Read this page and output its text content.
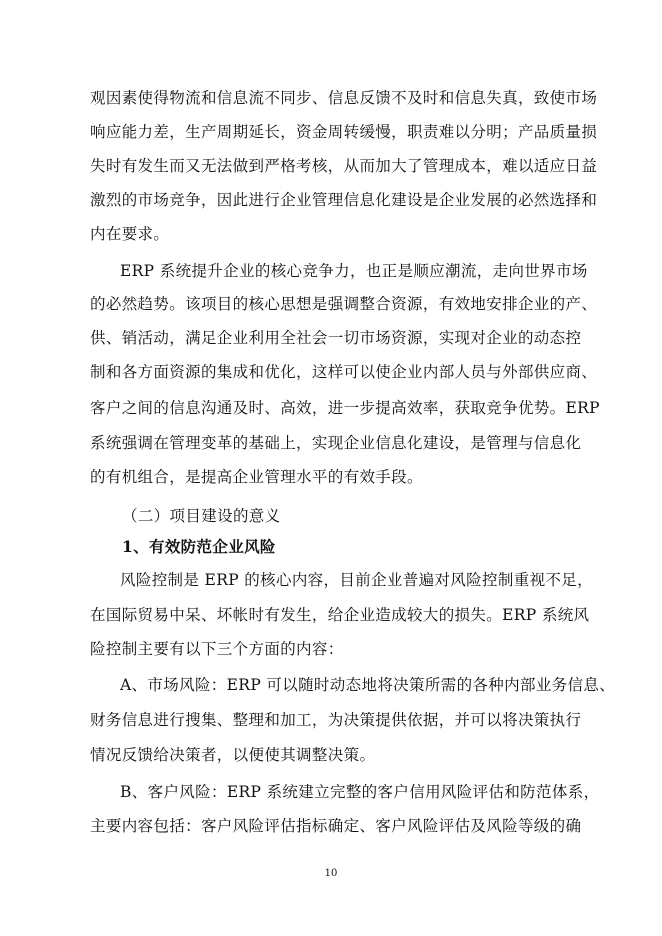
观因素使得物流和信息流不同步、信息反馈不及时和信息失真，致使市场
响应能力差，生产周期延长，资金周转缓慢，职责难以分明；产品质量损
失时有发生而又无法做到严格考核，从而加大了管理成本，难以适应日益
激烈的市场竞争，因此进行企业管理信息化建设是企业发展的必然选择和
内在要求。
ERP 系统提升企业的核心竞争力，也正是顺应潮流，走向世界市场
的必然趋势。该项目的核心思想是强调整合资源，有效地安排企业的产、
供、销活动，满足企业利用全社会一切市场资源，实现对企业的动态控
制和各方面资源的集成和优化，这样可以使企业内部人员与外部供应商、
客户之间的信息沟通及时、高效，进一步提高效率，获取竞争优势。ERP
系统强调在管理变革的基础上，实现企业信息化建设，是管理与信息化
的有机组合，是提高企业管理水平的有效手段。
（二）项目建设的意义
1、有效防范企业风险
风险控制是 ERP 的核心内容，目前企业普遍对风险控制重视不足，
在国际贸易中呆、坏帐时有发生，给企业造成较大的损失。ERP 系统风
险控制主要有以下三个方面的内容：
A、市场风险：ERP 可以随时动态地将决策所需的各种内部业务信息、
财务信息进行搜集、整理和加工，为决策提供依据，并可以将决策执行
情况反馈给决策者，以便使其调整决策。
B、客户风险：ERP 系统建立完整的客户信用风险评估和防范体系，
主要内容包括：客户风险评估指标确定、客户风险评估及风险等级的确
10
